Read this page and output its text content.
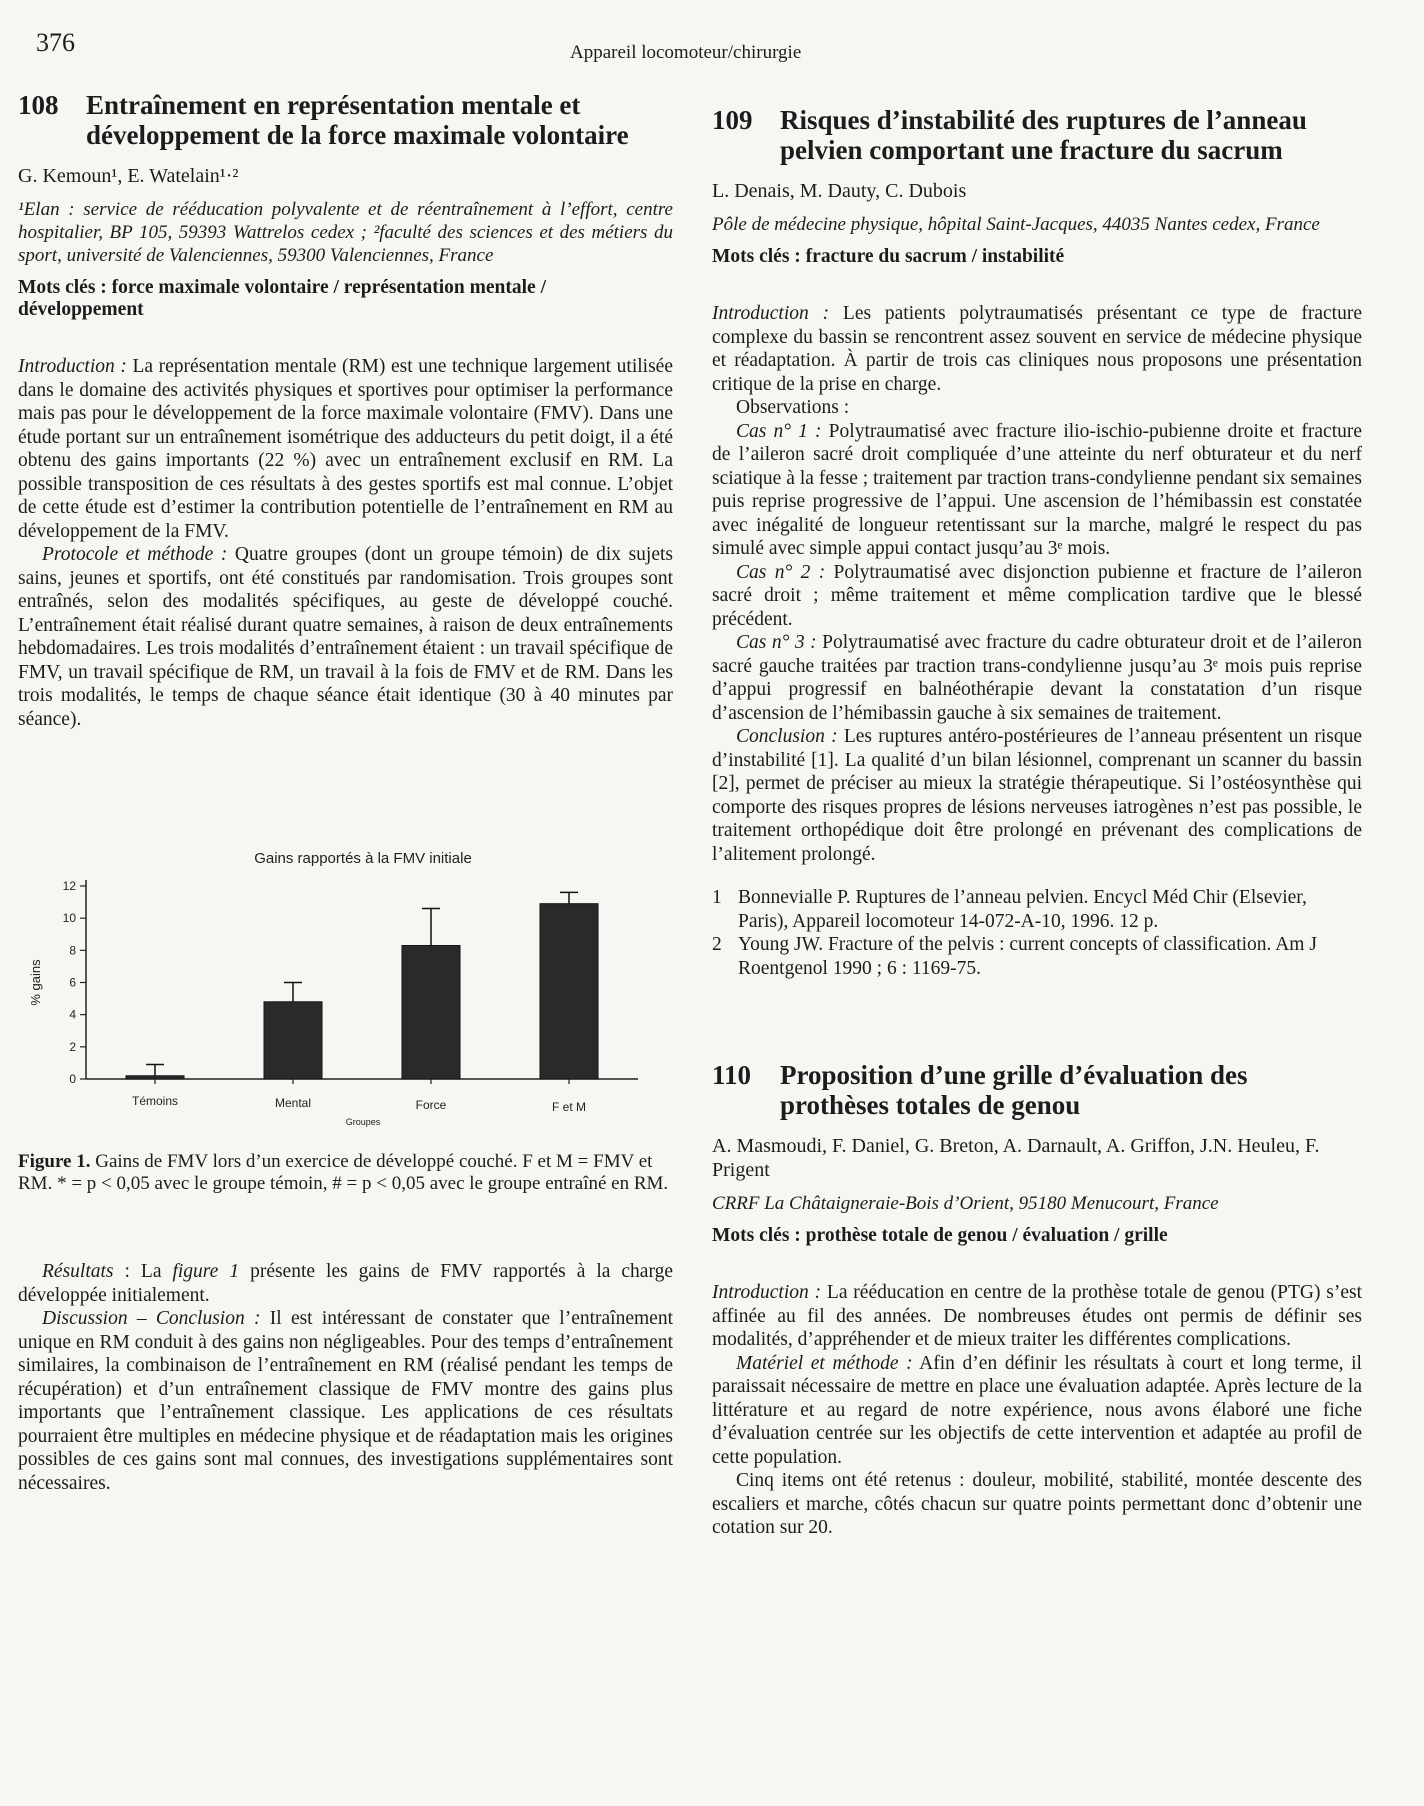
376	Appareil locomoteur/chirurgie
108	Entraînement en représentation mentale et développement de la force maximale volontaire

G. Kemoun¹, E. Watelain¹·²

¹Elan : service de rééducation polyvalente et de réentraînement à l’effort, centre hospitalier, BP 105, 59393 Wattrelos cedex ; ²faculté des sciences et des métiers du sport, université de Valenciennes, 59300 Valenciennes, France

Mots clés : force maximale volontaire / représentation mentale / développement

Introduction : La représentation mentale (RM) est une technique largement utilisée dans le domaine des activités physiques et sportives pour optimiser la performance mais pas pour le développement de la force maximale volontaire (FMV). Dans une étude portant sur un entraînement isométrique des adducteurs du petit doigt, il a été obtenu des gains importants (22 %) avec un entraînement exclusif en RM. La possible transposition de ces résultats à des gestes sportifs est mal connue. L’objet de cette étude est d’estimer la contribution potentielle de l’entraînement en RM au développement de la FMV.

Protocole et méthode : Quatre groupes (dont un groupe témoin) de dix sujets sains, jeunes et sportifs, ont été constitués par randomisation. Trois groupes sont entraînés, selon des modalités spécifiques, au geste de développé couché. L’entraînement était réalisé durant quatre semaines, à raison de deux entraînements hebdomadaires. Les trois modalités d’entraînement étaient : un travail spécifique de FMV, un travail spécifique de RM, un travail à la fois de FMV et de RM. Dans les trois modalités, le temps de chaque séance était identique (30 à 40 minutes par séance).

Gains rapportés à la FMV initiale
0
2
4
6
8
10
12
% gains
Témoins	Mental	Force	F et M
Groupes

Figure 1. Gains de FMV lors d’un exercice de développé couché. F et M = FMV et RM. * = p < 0,05 avec le groupe témoin, # = p < 0,05 avec le groupe entraîné en RM.

Résultats : La figure 1 présente les gains de FMV rapportés à la charge développée initialement.

Discussion – Conclusion : Il est intéressant de constater que l’entraînement unique en RM conduit à des gains non négligeables. Pour des temps d’entraînement similaires, la combinaison de l’entraînement en RM (réalisé pendant les temps de récupération) et d’un entraînement classique de FMV montre des gains plus importants que l’entraînement classique. Les applications de ces résultats pourraient être multiples en médecine physique et de réadaptation mais les origines possibles de ces gains sont mal connues, des investigations supplémentaires sont nécessaires.

109	Risques d’instabilité des ruptures de l’anneau pelvien comportant une fracture du sacrum

L. Denais, M. Dauty, C. Dubois

Pôle de médecine physique, hôpital Saint-Jacques, 44035 Nantes cedex, France

Mots clés : fracture du sacrum / instabilité

Introduction : Les patients polytraumatisés présentant ce type de fracture complexe du bassin se rencontrent assez souvent en service de médecine physique et réadaptation. À partir de trois cas cliniques nous proposons une présentation critique de la prise en charge.

Observations :

Cas n° 1 : Polytraumatisé avec fracture ilio-ischio-pubienne droite et fracture de l’aileron sacré droit compliquée d’une atteinte du nerf obturateur et du nerf sciatique à la fesse ; traitement par traction trans-condylienne pendant six semaines puis reprise progressive de l’appui. Une ascension de l’hémibassin est constatée avec inégalité de longueur retentissant sur la marche, malgré le respect du pas simulé avec simple appui contact jusqu’au 3ᵉ mois.

Cas n° 2 : Polytraumatisé avec disjonction pubienne et fracture de l’aileron sacré droit ; même traitement et même complication tardive que le blessé précédent.

Cas n° 3 : Polytraumatisé avec fracture du cadre obturateur droit et de l’aileron sacré gauche traitées par traction trans-condylienne jusqu’au 3ᵉ mois puis reprise d’appui progressif en balnéothérapie devant la constatation d’un risque d’ascension de l’hémibassin gauche à six semaines de traitement.

Conclusion : Les ruptures antéro-postérieures de l’anneau présentent un risque d’instabilité [1]. La qualité d’un bilan lésionnel, comprenant un scanner du bassin [2], permet de préciser au mieux la stratégie thérapeutique. Si l’ostéosynthèse qui comporte des risques propres de lésions nerveuses iatrogènes n’est pas possible, le traitement orthopédique doit être prolongé en prévenant des complications de l’alitement prolongé.

1 Bonnevialle P. Ruptures de l’anneau pelvien. Encycl Méd Chir (Elsevier, Paris), Appareil locomoteur 14-072-A-10, 1996. 12 p.
2 Young JW. Fracture of the pelvis : current concepts of classification. Am J Roentgenol 1990 ; 6 : 1169-75.
110	Proposition d’une grille d’évaluation des prothèses totales de genou

A. Masmoudi, F. Daniel, G. Breton, A. Darnault, A. Griffon, J.N. Heuleu, F. Prigent

CRRF La Châtaigneraie-Bois d’Orient, 95180 Menucourt, France

Mots clés : prothèse totale de genou / évaluation / grille

Introduction : La rééducation en centre de la prothèse totale de genou (PTG) s’est affinée au fil des années. De nombreuses études ont permis de définir ses modalités, d’appréhender et de mieux traiter les différentes complications.

Matériel et méthode : Afin d’en définir les résultats à court et long terme, il paraissait nécessaire de mettre en place une évaluation adaptée. Après lecture de la littérature et au regard de notre expérience, nous avons élaboré une fiche d’évaluation centrée sur les objectifs de cette intervention et adaptée au profil de cette population.

Cinq items ont été retenus : douleur, mobilité, stabilité, montée descente des escaliers et marche, côtés chacun sur quatre points permettant donc d’obtenir une cotation sur 20.
